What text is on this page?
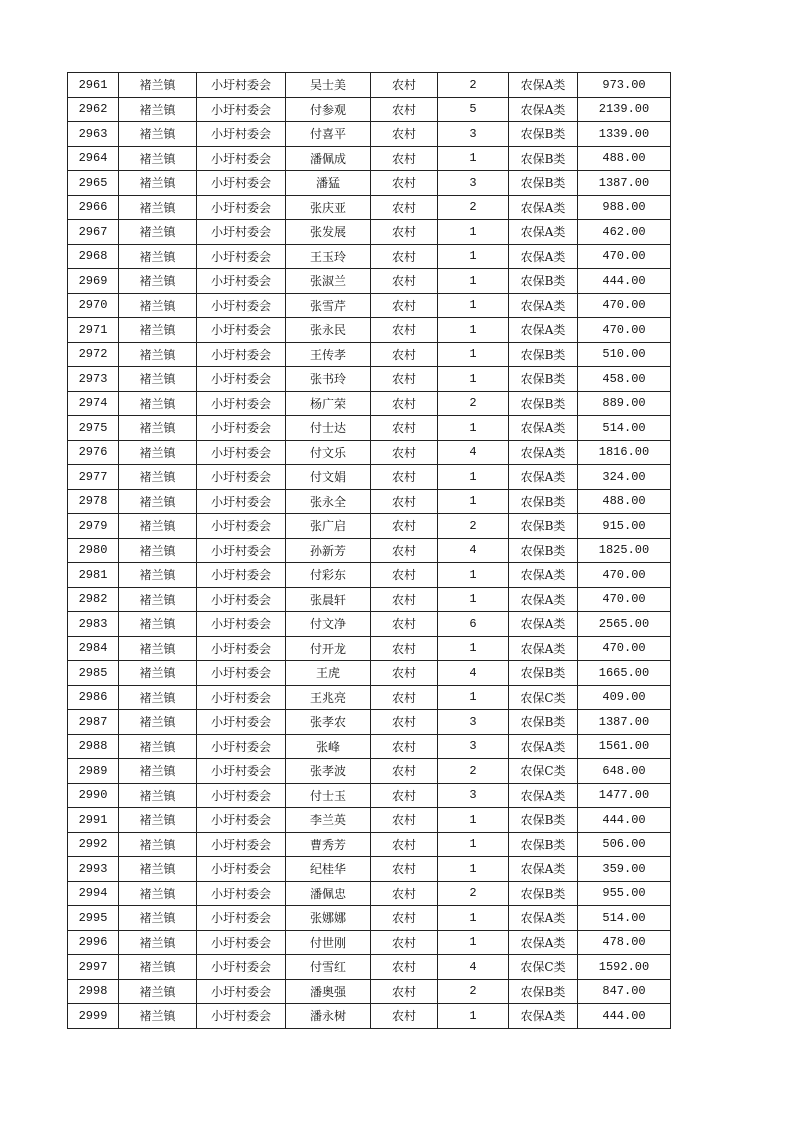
2961	褚兰镇	小圩村委会	吴士美	农村	2	农保A类	973.00
2962	褚兰镇	小圩村委会	付参观	农村	5	农保A类	2139.00
2963	褚兰镇	小圩村委会	付喜平	农村	3	农保B类	1339.00
2964	褚兰镇	小圩村委会	潘佩成	农村	1	农保B类	488.00
2965	褚兰镇	小圩村委会	潘猛	农村	3	农保B类	1387.00
2966	褚兰镇	小圩村委会	张庆亚	农村	2	农保A类	988.00
2967	褚兰镇	小圩村委会	张发展	农村	1	农保A类	462.00
2968	褚兰镇	小圩村委会	王玉玲	农村	1	农保A类	470.00
2969	褚兰镇	小圩村委会	张淑兰	农村	1	农保B类	444.00
2970	褚兰镇	小圩村委会	张雪芹	农村	1	农保A类	470.00
2971	褚兰镇	小圩村委会	张永民	农村	1	农保A类	470.00
2972	褚兰镇	小圩村委会	王传孝	农村	1	农保B类	510.00
2973	褚兰镇	小圩村委会	张书玲	农村	1	农保B类	458.00
2974	褚兰镇	小圩村委会	杨广荣	农村	2	农保B类	889.00
2975	褚兰镇	小圩村委会	付士达	农村	1	农保A类	514.00
2976	褚兰镇	小圩村委会	付文乐	农村	4	农保A类	1816.00
2977	褚兰镇	小圩村委会	付文娟	农村	1	农保A类	324.00
2978	褚兰镇	小圩村委会	张永全	农村	1	农保B类	488.00
2979	褚兰镇	小圩村委会	张广启	农村	2	农保B类	915.00
2980	褚兰镇	小圩村委会	孙新芳	农村	4	农保B类	1825.00
2981	褚兰镇	小圩村委会	付彩东	农村	1	农保A类	470.00
2982	褚兰镇	小圩村委会	张晨轩	农村	1	农保A类	470.00
2983	褚兰镇	小圩村委会	付文净	农村	6	农保A类	2565.00
2984	褚兰镇	小圩村委会	付开龙	农村	1	农保A类	470.00
2985	褚兰镇	小圩村委会	王虎	农村	4	农保B类	1665.00
2986	褚兰镇	小圩村委会	王兆亮	农村	1	农保C类	409.00
2987	褚兰镇	小圩村委会	张孝农	农村	3	农保B类	1387.00
2988	褚兰镇	小圩村委会	张峰	农村	3	农保A类	1561.00
2989	褚兰镇	小圩村委会	张孝波	农村	2	农保C类	648.00
2990	褚兰镇	小圩村委会	付士玉	农村	3	农保A类	1477.00
2991	褚兰镇	小圩村委会	李兰英	农村	1	农保B类	444.00
2992	褚兰镇	小圩村委会	曹秀芳	农村	1	农保B类	506.00
2993	褚兰镇	小圩村委会	纪桂华	农村	1	农保A类	359.00
2994	褚兰镇	小圩村委会	潘佩忠	农村	2	农保B类	955.00
2995	褚兰镇	小圩村委会	张娜娜	农村	1	农保A类	514.00
2996	褚兰镇	小圩村委会	付世刚	农村	1	农保A类	478.00
2997	褚兰镇	小圩村委会	付雪红	农村	4	农保C类	1592.00
2998	褚兰镇	小圩村委会	潘奥强	农村	2	农保B类	847.00
2999	褚兰镇	小圩村委会	潘永树	农村	1	农保A类	444.00
